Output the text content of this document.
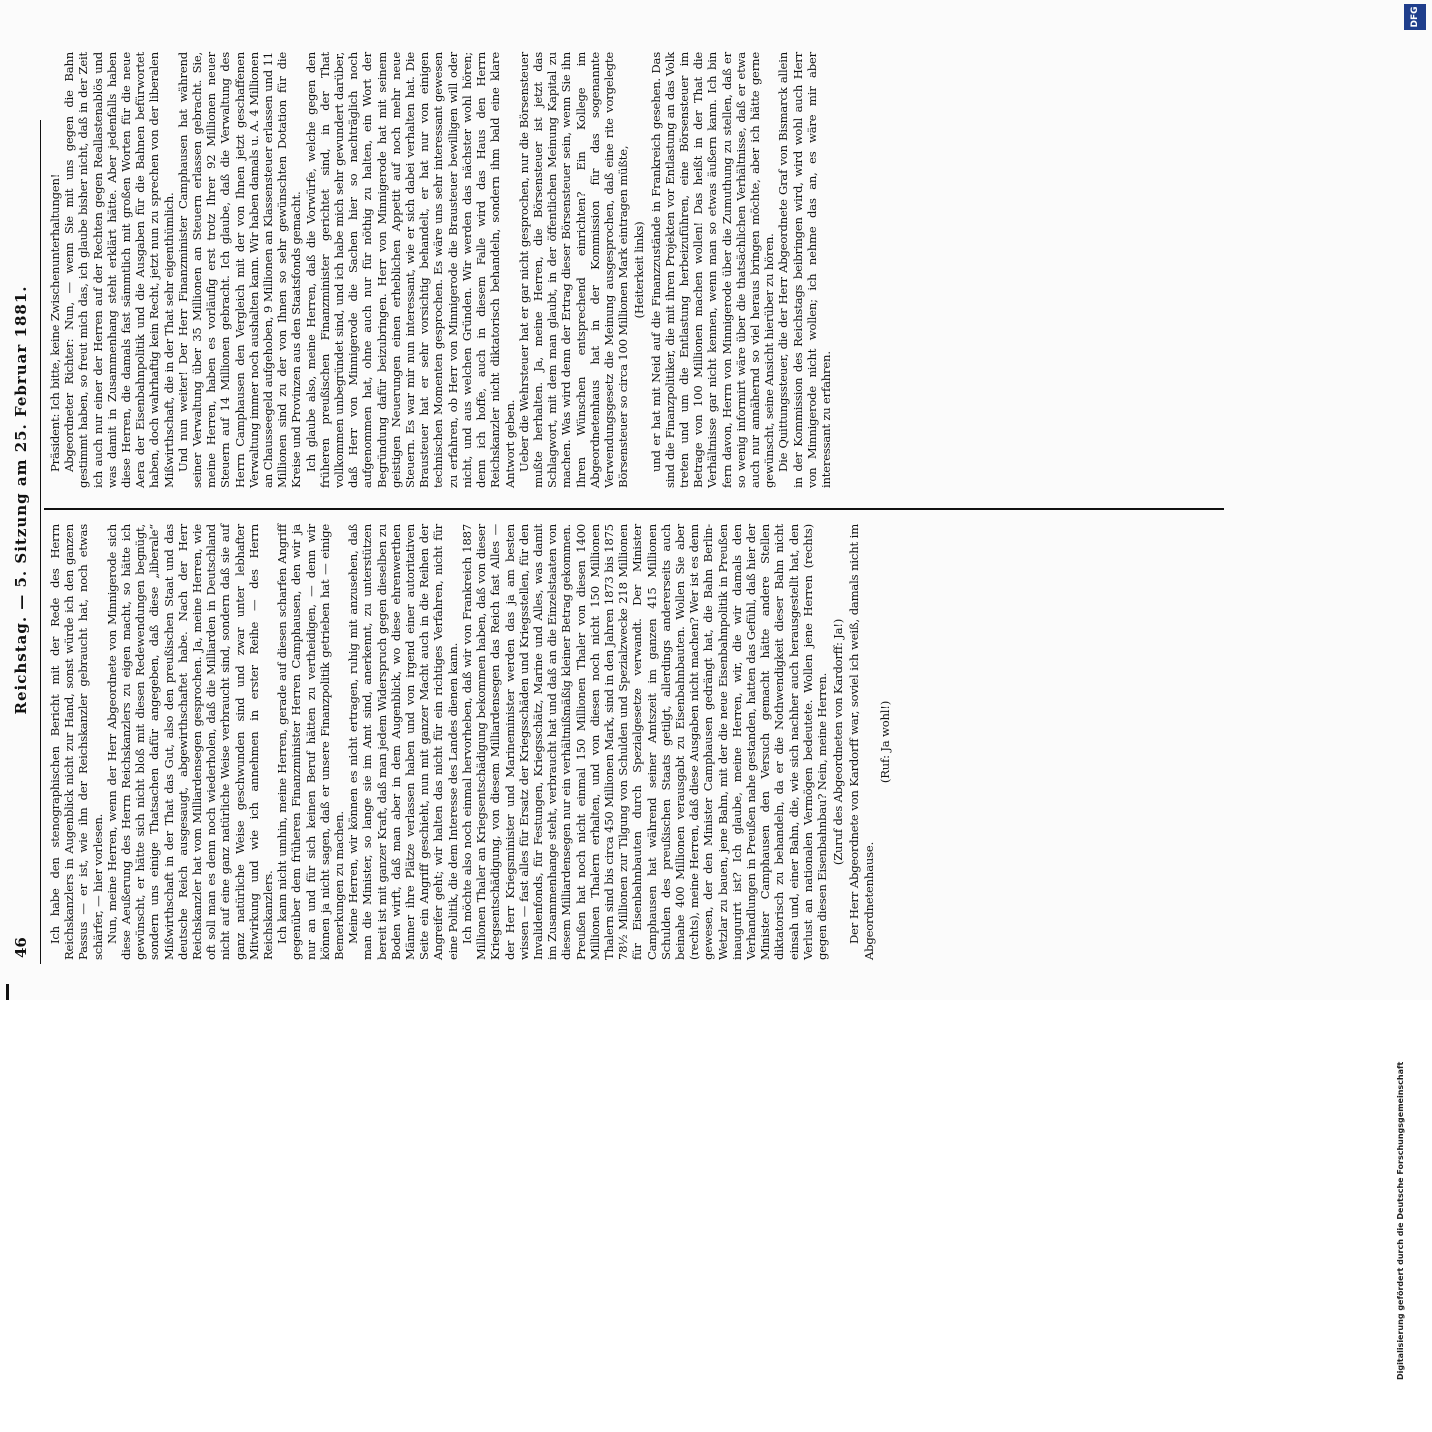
46
Reichstag. — 5. Sitzung am 25. Februar 1881.

Ich habe den stenographischen Bericht mit der Rede des Herrn Reichskanzlers in Augenblick nicht zur Hand, sonst würde ich den ganzen Passus — er ist, wie ihn der Reichskanzler gebraucht hat, noch etwas schärfer, — hier vorlesen. Nun, meine Herren, wenn der Herr Abgeordnete von Minnigerode sich diese Aeußerung des Herrn Reichskanzlers zu eigen macht, so hätte ich gewünscht, er hätte sich nicht bloß mit diesen Redewendungen begnügt, sondern uns einige Thatsachen dafür angegeben, daß diese „liberale“ Mißwirthschaft in der That das Gut, also den preußischen Staat und das deutsche Reich ausgesaugt, abgewirthschaftet habe. Nach der Herr Reichskanzler hat vom Milliardensegen gesprochen. Ja, meine Herren, wie oft soll man es denn noch wiederholen, daß die Milliarden in Deutschland nicht auf eine ganz natürliche Weise verbraucht sind, sondern daß sie auf ganz natürliche Weise geschwunden sind und zwar unter lebhafter Mitwirkung und wie ich annehmen in erster Reihe — des Herrn Reichskanzlers. Ich kann nicht umhin, meine Herren, gerade auf diesen scharfen Angriff gegenüber dem früheren Finanzminister Herren Camphausen, den wir ja nur an und für sich keinen Beruf hätten zu vertheidigen, — denn wir können ja nicht sagen, daß er unsere Finanzpolitik getrieben hat — einige Bemerkungen zu machen. Meine Herren, wir können es nicht ertragen, ruhig mit anzusehen, daß man die Minister, so lange sie im Amt sind, anerkennt, zu unterstützen bereit ist mit ganzer Kraft, daß man jedem Widerspruch gegen dieselben zu Boden wirft, daß man aber in dem Augenblick, wo diese ehrenwerthen Männer ihre Plätze verlassen haben und von irgend einer autoritativen Seite ein Angriff geschieht, nun mit ganzer Macht auch in die Reihen der Angreifer geht; wir halten das nicht für ein richtiges Verfahren, nicht für eine Politik, die dem Interesse des Landes dienen kann. Ich möchte also noch einmal hervorheben, daß wir von Frankreich 1887 Millionen Thaler an Kriegsentschädigung bekommen haben, daß von dieser Kriegsentschädigung, von diesem Milliardensegen das Reich fast Alles — der Herr Kriegsminister und Marineminister werden das ja am besten wissen — fast alles für Ersatz der Kriegsschäden und Kriegsstellen, für den Invalidenfonds, für Festungen, Kriegsschätz, Marine und Alles, was damit im Zusammenhange steht, verbraucht hat und daß an die Einzelstaaten von diesem Milliardensegen nur ein verhältnißmäßig kleiner Betrag gekommen. Preußen hat noch nicht einmal 150 Millionen Thaler von diesen 1400 Millionen Thalern erhalten, und von diesen noch nicht 150 Millionen Thalern sind bis circa 450 Millionen Mark, sind in den Jahren 1873 bis 1875 78½ Millionen zur Tilgung von Schulden und Spezialzwecke 218 Millionen für Eisenbahnbauten durch Spezialgesetze verwandt. Der Minister Camphausen hat während seiner Amtszeit im ganzen 415 Millionen Schulden des preußischen Staats getilgt, allerdings andererseits auch beinahe 400 Millionen verausgabt zu Eisenbahnbauten. Wollen Sie aber (rechts), meine Herren, daß diese Ausgaben nicht machen? Wer ist es denn gewesen, der den Minister Camphausen gedrängt hat, die Bahn Berlin-Wetzlar zu bauen, jene Bahn, mit der die neue Eisenbahnpolitik in Preußen inaugurirt ist? Ich glaube, meine Herren, wir, die wir damals den Verhandlungen in Preußen nahe gestanden, hatten das Gefühl, daß hier der Minister Camphausen den Versuch gemacht hätte andere Stellen diktatorisch zu behandeln, da er die Nothwendigkeit dieser Bahn nicht einsah und, einer Bahn, die, wie sich nachher auch herausgestellt hat, den Verlust an nationalen Vermögen bedeutete. Wollen jene Herren (rechts) gegen diesen Eisenbahnbau? Nein, meine Herren. (Zuruf des Abgeordneten von Kardorff: Ja!) Der Herr Abgeordnete von Kardorff war, soviel ich weiß, damals nicht im Abgeordnetenhause.

(Ruf: Ja wohl!)

Präsident: Ich bitte, keine Zwischenunterhaltungen! Abgeordneter Richter: Nun, — wenn Sie mit uns gegen die Bahn gestimmt haben, so freut mich das, ich glaube bisher nicht, daß in der Zeit ich auch nur einer der Herren auf der Rechten gegen Reallastenablös und was damit in Zusammenhang steht erklärt hätte. Aber jedenfalls haben diese Herren, die damals fast sämmtlich mit großen Worten für die neue Aera der Eisenbahnpolitik und die Ausgaben für die Bahnen befürwortet haben, doch wahrhaftig kein Recht, jetzt nun zu sprechen von der liberalen Mißwirthschaft, die in der That sehr eigenthümlich. Und nun weiter! Der Herr Finanzminister Camphausen hat während seiner Verwaltung über 35 Millionen an Steuern erlassen gebracht. Sie, meine Herren, haben es vorläufig erst trotz Ihrer 92 Millionen neuer Steuern auf 14 Millionen gebracht. Ich glaube, daß die Verwaltung des Herrn Camphausen den Vergleich mit der von Ihnen jetzt geschaffenen Verwaltung immer noch aushalten kann. Wir haben damals u. A. 4 Millionen an Chausseegeld aufgehoben, 9 Millionen an Klassensteuer erlassen und 11 Millionen sind zu der von Ihnen so sehr gewünschten Dotation für die Kreise und Provinzen aus den Staatsfonds gemacht. Ich glaube also, meine Herren, daß die Vorwürfe, welche gegen den früheren preußischen Finanzminister gerichtet sind, in der That vollkommen unbegründet sind, und ich habe mich sehr gewundert darüber, daß Herr von Minnigerode die Sachen hier so nachträglich noch aufgenommen hat, ohne auch nur für nöthig zu halten, ein Wort der Begründung dafür beizubringen. Herr von Minnigerode hat mit seinem geistigen Neuerungen einen erheblichen Appetit auf noch mehr neue Steuern. Es war mir nun interessant, wie er sich dabei verhalten hat. Die Brausteuer hat er sehr vorsichtig behandelt, er hat nur von einigen technischen Momenten gesprochen. Es wäre uns sehr interessant gewesen zu erfahren, ob Herr von Minnigerode die Brausteuer bewilligen will oder nicht, und aus welchen Gründen. Wir werden das nächster wohl hören; denn ich hoffe, auch in diesem Falle wird das Haus den Herrn Reichskanzler nicht diktatorisch behandeln, sondern ihm bald eine klare Antwort geben. Ueber die Wehrsteuer hat er gar nicht gesprochen, nur die Börsensteuer mußte herhalten. Ja, meine Herren, die Börsensteuer ist jetzt das Schlagwort, mit dem man glaubt, in der öffentlichen Meinung Kapital zu machen. Was wird denn der Ertrag dieser Börsensteuer sein, wenn Sie ihn Ihren Wünschen entsprechend einrichten? Ein Kollege im Abgeordnetenhaus hat in der Kommission für das sogenannte Verwendungsgesetz die Meinung ausgesprochen, daß eine rite vorgelegte Börsensteuer so circa 100 Millionen Mark eintragen müßte, (Heiterkeit links) und er hat mit Neid auf die Finanzzustände in Frankreich gesehen. Das sind die Finanzpolitiker, die mit ihren Projekten vor Entlastung an das Volk treten und um die Entlastung herbeizuführen, eine Börsensteuer im Betrage von 100 Millionen machen wollen! Das heißt in der That die Verhältnisse gar nicht kennen, wenn man so etwas äußern kann. Ich bin fern davon, Herrn von Minnigerode über die Zumuthung zu stellen, daß er so wenig informirt wäre über die thatsächlichen Verhältnisse, daß er etwa auch nur annähernd so viel heraus bringen möchte, aber ich hätte gerne gewünscht, seine Ansicht hierüber zu hören. Die Quittungssteuer, die der Herr Abgeordnete Graf von Bismarck allein in der Kommission des Reichstags beibringen wird, wird wohl auch Herr von Minnigerode nicht wollen; ich nehme das an, es wäre mir aber interessant zu erfahren.

DFG
Digitalisierung gefördert durch die Deutsche Forschungsgemeinschaft
